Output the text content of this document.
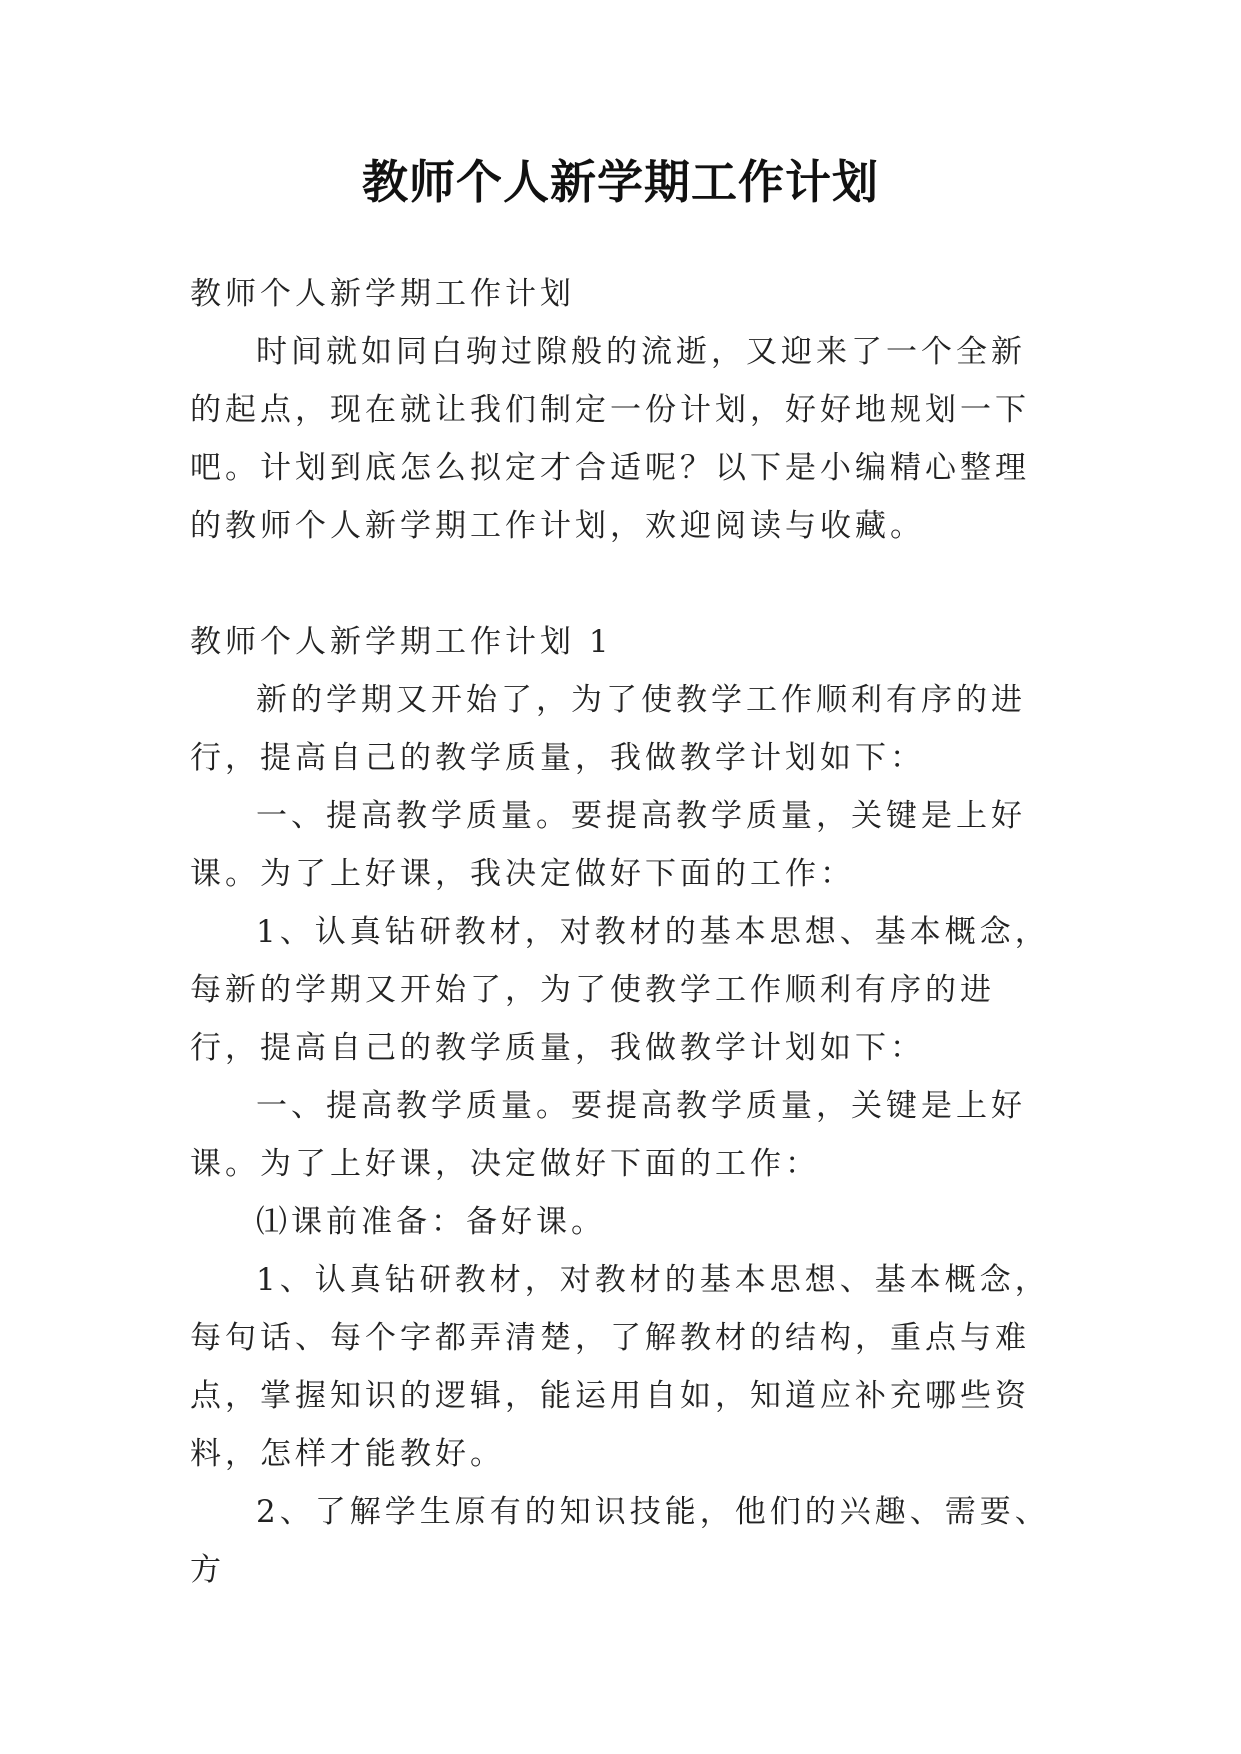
教师个人新学期工作计划

教师个人新学期工作计划

时间就如同白驹过隙般的流逝，又迎来了一个全新的起点，现在就让我们制定一份计划，好好地规划一下吧。计划到底怎么拟定才合适呢？以下是小编精心整理的教师个人新学期工作计划，欢迎阅读与收藏。

教师个人新学期工作计划 1

新的学期又开始了，为了使教学工作顺利有序的进行，提高自己的教学质量，我做教学计划如下：

一、提高教学质量。要提高教学质量，关键是上好课。为了上好课，我决定做好下面的工作：

1、认真钻研教材，对教材的基本思想、基本概念，每新的学期又开始了，为了使教学工作顺利有序的进行，提高自己的教学质量，我做教学计划如下：

一、提高教学质量。要提高教学质量，关键是上好课。为了上好课，决定做好下面的工作：

⑴课前准备：备好课。

1、认真钻研教材，对教材的基本思想、基本概念，每句话、每个字都弄清楚，了解教材的结构，重点与难点，掌握知识的逻辑，能运用自如，知道应补充哪些资料，怎样才能教好。

2、了解学生原有的知识技能，他们的兴趣、需要、方
